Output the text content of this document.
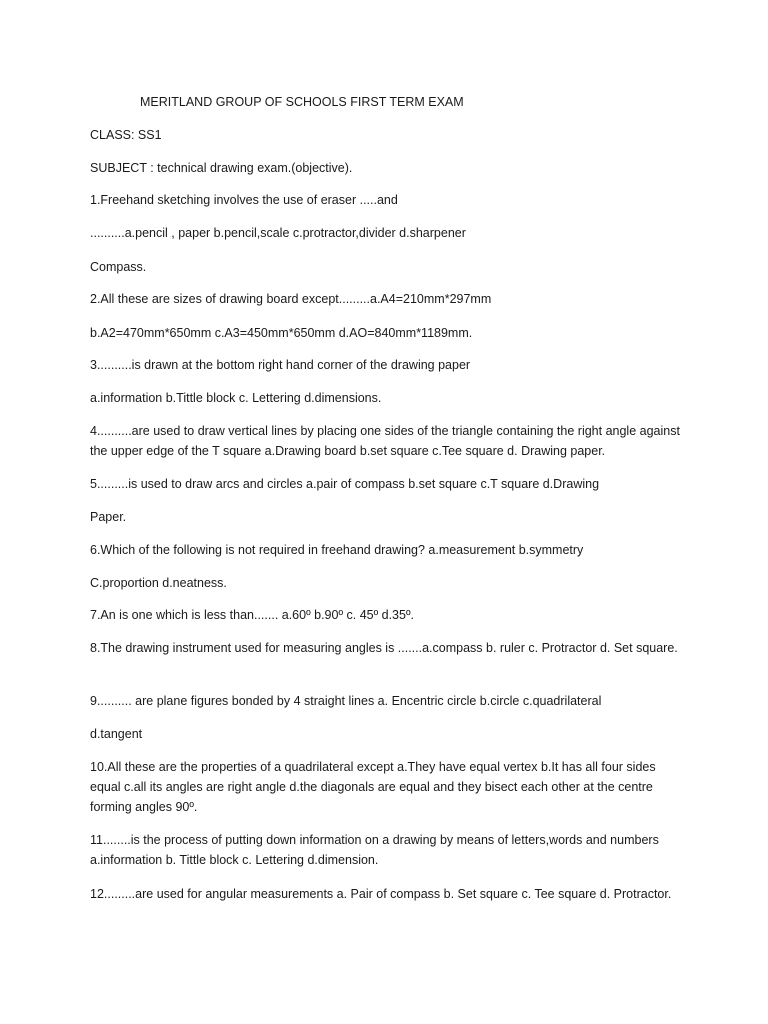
MERITLAND GROUP OF SCHOOLS FIRST TERM EXAM

CLASS: SS1

SUBJECT : technical drawing exam.(objective).

1.Freehand sketching involves the use of eraser .....and

..........a.pencil , paper b.pencil,scale c.protractor,divider d.sharpener

Compass.

2.All these are sizes of drawing board except.........a.A4=210mm*297mm

b.A2=470mm*650mm c.A3=450mm*650mm d.AO=840mm*1189mm.

3..........is drawn at the bottom right hand corner of the drawing paper

a.information b.Tittle block c. Lettering d.dimensions.

4..........are used to draw vertical lines by placing one sides of the triangle containing the right angle against the upper edge of the T square a.Drawing board b.set square c.Tee square d. Drawing paper.

5.........is used to draw arcs and circles a.pair of compass b.set square c.T square d.Drawing

Paper.

6.Which of the following is not required in freehand drawing? a.measurement b.symmetry

C.proportion d.neatness.

7.An is one which is less than....... a.60º b.90º c. 45º d.35º.

8.The drawing instrument used for measuring angles is .......a.compass b. ruler c. Protractor d. Set square.

9.......... are plane figures bonded by 4 straight lines a. Encentric circle b.circle c.quadrilateral

d.tangent

10.All these are the properties of a quadrilateral except a.They have equal vertex b.It has all four sides equal c.all its angles are right angle d.the diagonals are equal and they bisect each other at the centre forming angles 90º.

11........is the process of putting down information on a drawing by means of letters,words and numbers a.information b. Tittle block c. Lettering d.dimension.

12.........are used for angular measurements a. Pair of compass b. Set square c. Tee square d. Protractor.
